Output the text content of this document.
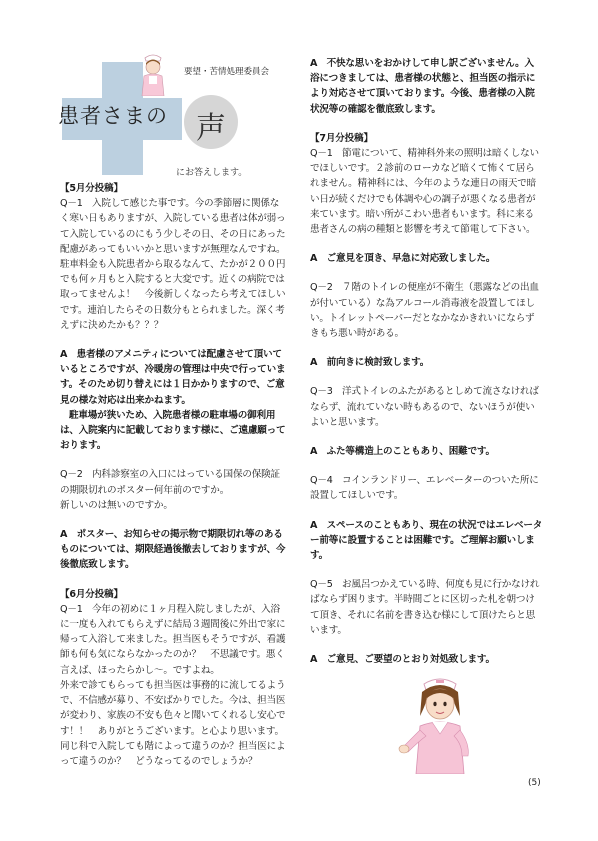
患者さまの 声
要望・苦情処理委員会
にお答えします。
【5月分投稿】
Q－1　入院して感じた事です。今の季節層に関係なく寒い日もありますが、入院している患者は体が弱って入院しているのにもう少しその日、その日にあった配慮があってもいいかと思いますが無理なんですね。駐車料金も入院患者から取るなんて、たかが２００円でも何ヶ月もと入院すると大変です。近くの病院では取ってませんよ！　今後新しくなったら考えてほしいです。連泊したらその日数分もとられました。深く考えずに決めたかも？？？
A　患者様のアメニティについては配慮させて頂いているところですが、冷暖房の管理は中央で行っています。そのため切り替えには１日かかりますので、ご意見の様な対応は出来かねます。
駐車場が狭いため、入院患者様の駐車場の御利用は、入院案内に記載しております様に、ご遠慮願っております。
Q－2　内科診察室の入口にはっている国保の保険証の期限切れのポスター何年前のですか。
新しいのは無いのですか。
A　ポスター、お知らせの掲示物で期限切れ等のあるものについては、期限経過後撤去しておりますが、今後徹底致します。
【6月分投稿】
Q－1　今年の初めに１ヶ月程入院しましたが、入浴に一度も入れてもらえずに結局３週間後に外出で家に帰って入浴して来ました。担当医もそうですが、看護師も何も気にならなかったのか？　不思議です。悪く言えば、ほったらかし～。ですよね。
外来で診てもらっても担当医は事務的に流してるようで、不信感が募り、不安ばかりでした。今は、担当医が変わり、家族の不安も色々と聞いてくれるし安心です！！　ありがとうございます。と心より思います。同じ科で入院しても階によって違うのか？担当医によって違うのか？　どうなってるのでしょうか？
A　不快な思いをおかけして申し訳ございません。入浴につきましては、患者様の状態と、担当医の指示により対応させて頂いております。今後、患者様の入院状況等の確認を徹底致します。
【7月分投稿】
Q－1　節電について、精神科外来の照明は暗くしないでほしいです。２診前のローカなど暗くて怖くて居られません。精神科には、今年のような連日の雨天で暗い日が続くだけでも体調や心の調子が悪くなる患者が来ています。暗い所がこわい患者もいます。科に来る患者さんの病の種類と影響を考えて節電して下さい。
A　ご意見を頂き、早急に対応致しました。
Q－2　７階のトイレの便座が不衛生（悪露などの出血が付いている）な為アルコール消毒液を設置してほしい。トイレットペーパーだとなかなかきれいにならずきもち悪い時がある。
A　前向きに検討致します。
Q－3　洋式トイレのふたがあるとしめて流さなければならず、流れていない時もあるので、ないほうが使いよいと思います。
A　ふた等構造上のこともあり、困難です。
Q－4　コインランドリー、エレベーターのついた所に設置してほしいです。
A　スペースのこともあり、現在の状況ではエレベーター前等に設置することは困難です。ご理解お願いします。
Q－5　お風呂つかえている時、何度も見に行かなければならず困ります。半時間ごとに区切った札を朝つけて頂き、それに名前を書き込む様にして頂けたらと思います。
A　ご意見、ご要望のとおり対処致します。
(5)
